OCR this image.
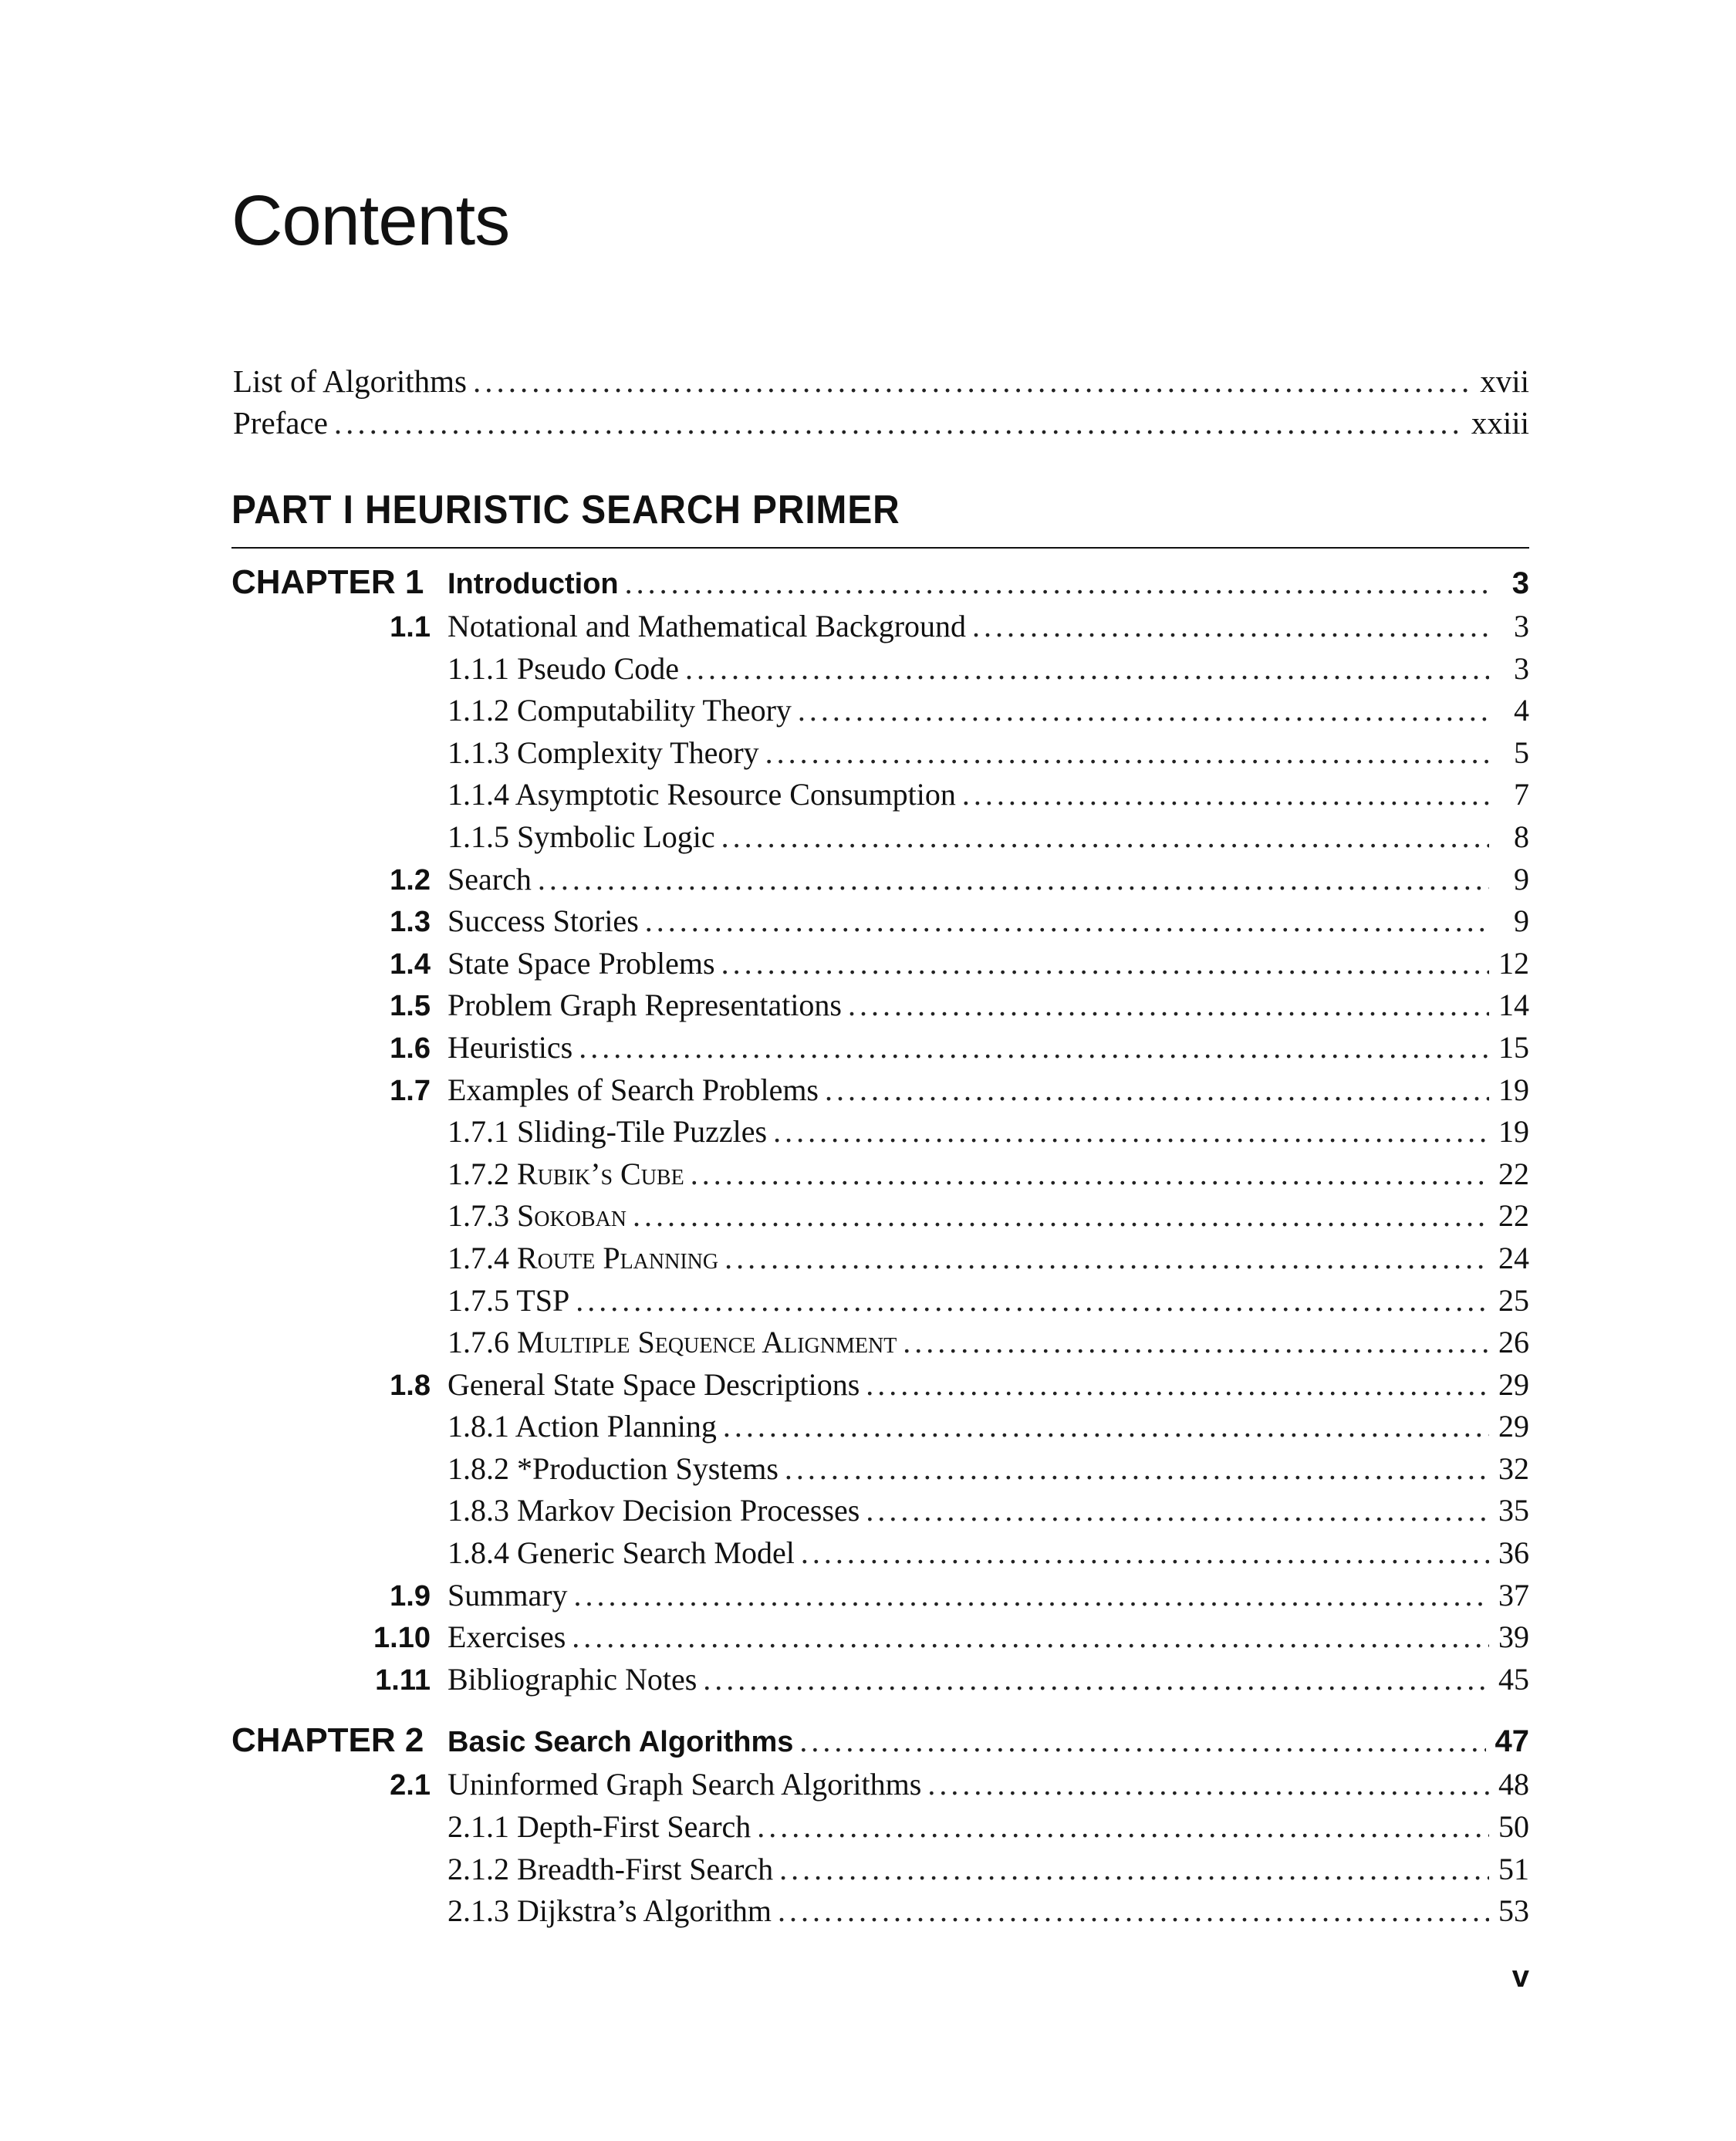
Contents
List of Algorithms .....	xvii
Preface .....	xxiii
PART I HEURISTIC SEARCH PRIMER
CHAPTER 1 Introduction .....	3
1.1 Notational and Mathematical Background .....	3
1.1.1 Pseudo Code .....	3
1.1.2 Computability Theory .....	4
1.1.3 Complexity Theory .....	5
1.1.4 Asymptotic Resource Consumption .....	7
1.1.5 Symbolic Logic .....	8
1.2 Search .....	9
1.3 Success Stories .....	9
1.4 State Space Problems .....	12
1.5 Problem Graph Representations .....	14
1.6 Heuristics .....	15
1.7 Examples of Search Problems .....	19
1.7.1 Sliding-Tile Puzzles .....	19
1.7.2 Rubik’s Cube .....	22
1.7.3 Sokoban .....	22
1.7.4 Route Planning .....	24
1.7.5 TSP .....	25
1.7.6 Multiple Sequence Alignment .....	26
1.8 General State Space Descriptions .....	29
1.8.1 Action Planning .....	29
1.8.2 *Production Systems .....	32
1.8.3 Markov Decision Processes .....	35
1.8.4 Generic Search Model .....	36
1.9 Summary .....	37
1.10 Exercises .....	39
1.11 Bibliographic Notes .....	45
CHAPTER 2 Basic Search Algorithms .....	47
2.1 Uninformed Graph Search Algorithms .....	48
2.1.1 Depth-First Search .....	50
2.1.2 Breadth-First Search .....	51
2.1.3 Dijkstra’s Algorithm .....	53
v
